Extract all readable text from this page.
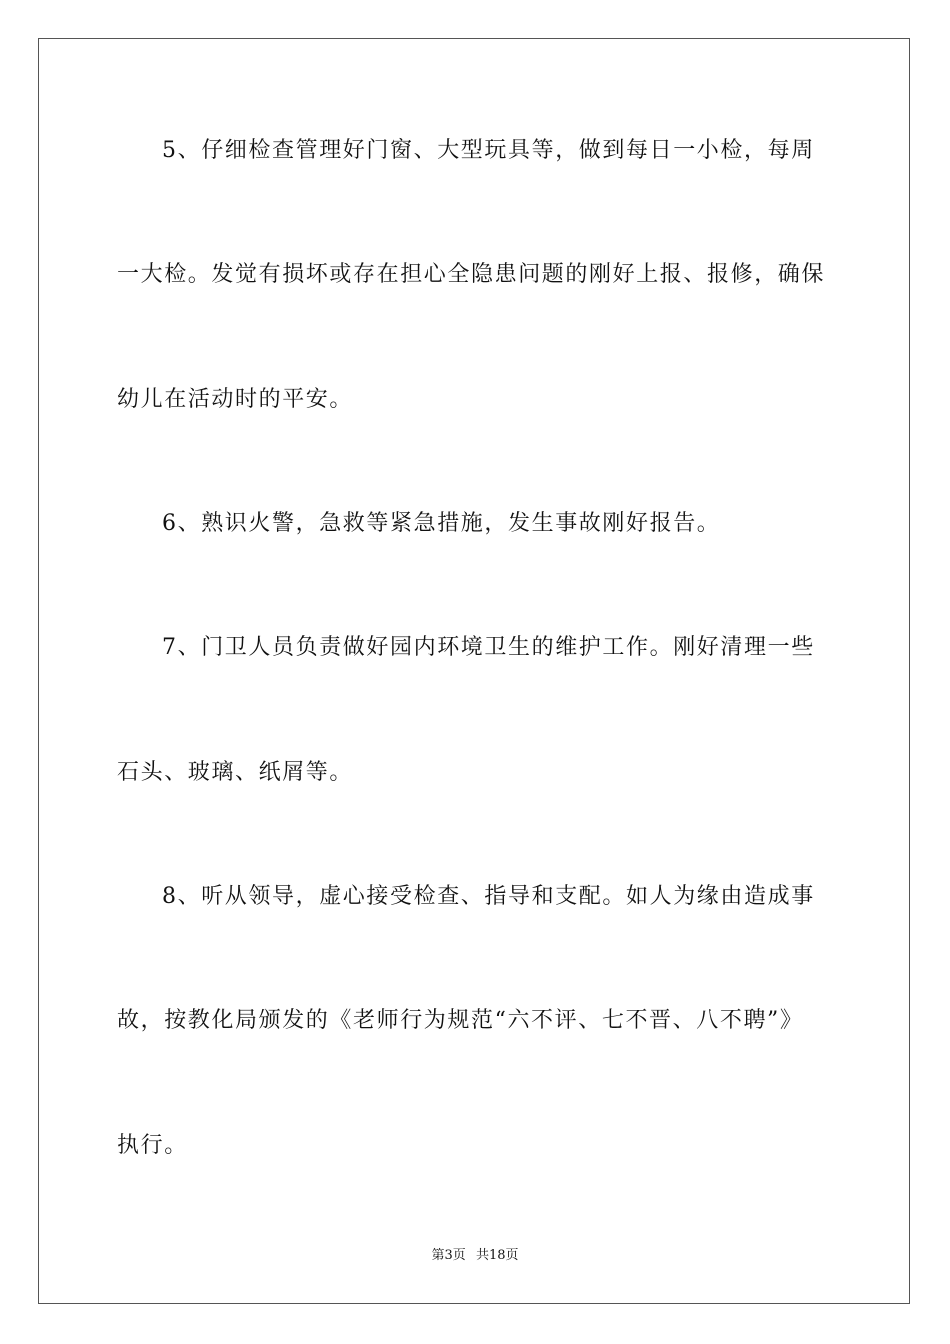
5、仔细检查管理好门窗、大型玩具等，做到每日一小检，每周
一大检。发觉有损坏或存在担心全隐患问题的刚好上报、报修，确保
幼儿在活动时的平安。
6、熟识火警，急救等紧急措施，发生事故刚好报告。
7、门卫人员负责做好园内环境卫生的维护工作。刚好清理一些
石头、玻璃、纸屑等。
8、听从领导，虚心接受检查、指导和支配。如人为缘由造成事
故，按教化局颁发的《老师行为规范“六不评、七不晋、八不聘”》
执行。
第3页 共18页
